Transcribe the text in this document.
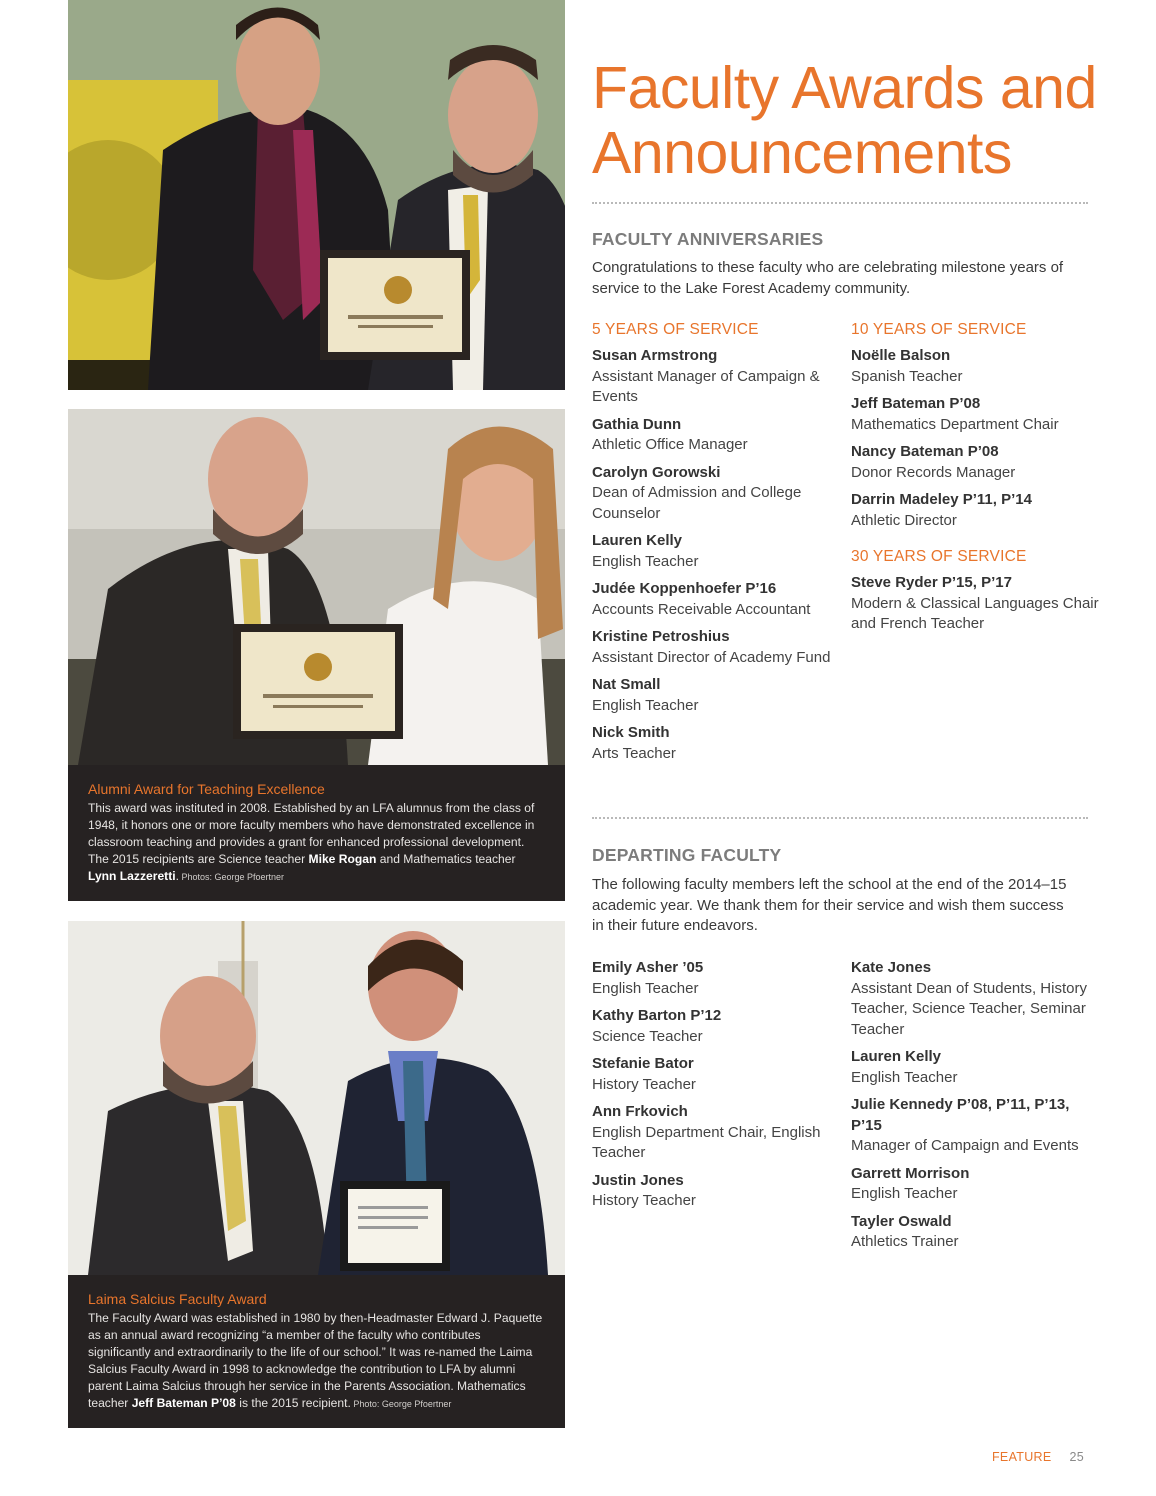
Alumni Award for Teaching Excellence

This award was instituted in 2008. Established by an LFA alumnus from the class of 1948, it honors one or more faculty members who have demonstrated excellence in classroom teaching and provides a grant for enhanced professional development. The 2015 recipients are Science teacher Mike Rogan and Mathematics teacher Lynn Lazzeretti. Photos: George Pfoertner

Laima Salcius Faculty Award

The Faculty Award was established in 1980 by then-Headmaster Edward J. Paquette as an annual award recognizing “a member of the faculty who contributes significantly and extraordinarily to the life of our school.” It was re-named the Laima Salcius Faculty Award in 1998 to acknowledge the contribution to LFA by alumni parent Laima Salcius through her service in the Parents Association. Mathematics teacher Jeff Bateman P’08 is the 2015 recipient. Photo: George Pfoertner

Faculty Awards and
Announcements
FACULTY ANNIVERSARIES

Congratulations to these faculty who are celebrating milestone years of service to the Lake Forest Academy community.

5 YEARS OF SERVICE
Susan Armstrong
Assistant Manager of Campaign & Events
Gathia Dunn
Athletic Office Manager
Carolyn Gorowski
Dean of Admission and College Counselor
Lauren Kelly
English Teacher
Judée Koppenhoefer P’16
Accounts Receivable Accountant
Kristine Petroshius
Assistant Director of Academy Fund
Nat Small
English Teacher
Nick Smith
Arts Teacher
10 YEARS OF SERVICE
Noëlle Balson
Spanish Teacher
Jeff Bateman P’08
Mathematics Department Chair
Nancy Bateman P’08
Donor Records Manager
Darrin Madeley P’11, P’14
Athletic Director
30 YEARS OF SERVICE
Steve Ryder P’15, P’17
Modern & Classical Languages Chair and French Teacher
DEPARTING FACULTY

The following faculty members left the school at the end of the 2014–15 academic year. We thank them for their service and wish them success in their future endeavors.

Emily Asher ’05
English Teacher
Kathy Barton P’12
Science Teacher
Stefanie Bator
History Teacher
Ann Frkovich
English Department Chair, English Teacher
Justin Jones
History Teacher
Kate Jones
Assistant Dean of Students, History Teacher, Science Teacher, Seminar Teacher
Lauren Kelly
English Teacher
Julie Kennedy P’08, P’11, P’13, P’15
Manager of Campaign and Events
Garrett Morrison
English Teacher
Tayler Oswald
Athletics Trainer
FEATURE 25
